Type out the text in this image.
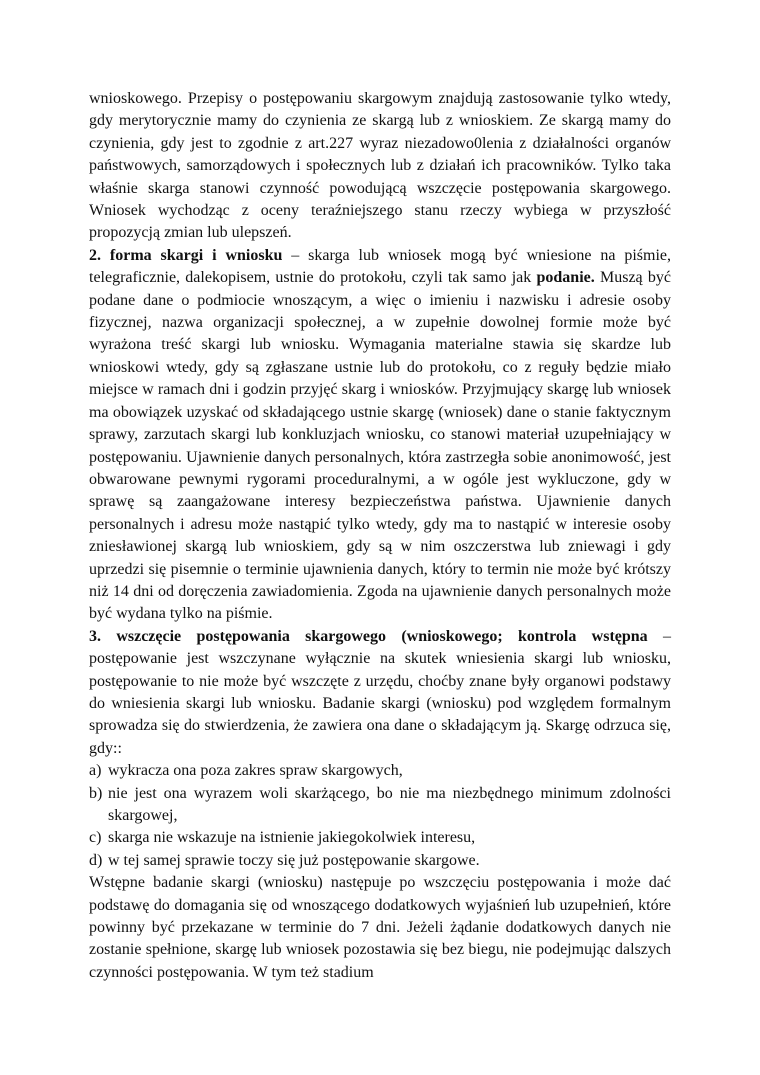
wnioskowego. Przepisy o postępowaniu skargowym znajdują zastosowanie tylko wtedy, gdy merytorycznie mamy do czynienia ze skargą lub z wnioskiem. Ze skargą mamy do czynienia, gdy jest to zgodnie z art.227 wyraz niezadowo0lenia z działalności organów państwowych, samorządowych i społecznych lub z działań ich pracowników. Tylko taka właśnie skarga stanowi czynność powodującą wszczęcie postępowania skargowego. Wniosek wychodząc z oceny teraźniejszego stanu rzeczy wybiega w przyszłość propozycją zmian lub ulepszeń.

2. forma skargi i wniosku – skarga lub wniosek mogą być wniesione na piśmie, telegraficznie, dalekopisem, ustnie do protokołu, czyli tak samo jak podanie. Muszą być podane dane o podmiocie wnoszącym, a więc o imieniu i nazwisku i adresie osoby fizycznej, nazwa organizacji społecznej, a w zupełnie dowolnej formie może być wyrażona treść skargi lub wniosku. Wymagania materialne stawia się skardze lub wnioskowi wtedy, gdy są zgłaszane ustnie lub do protokołu, co z reguły będzie miało miejsce w ramach dni i godzin przyjęć skarg i wniosków. Przyjmujący skargę lub wniosek ma obowiązek uzyskać od składającego ustnie skargę (wniosek) dane o stanie faktycznym sprawy, zarzutach skargi lub konkluzjach wniosku, co stanowi materiał uzupełniający w postępowaniu. Ujawnienie danych personalnych, która zastrzegła sobie anonimowość, jest obwarowane pewnymi rygorami proceduralnymi, a w ogóle jest wykluczone, gdy w sprawę są zaangażowane interesy bezpieczeństwa państwa. Ujawnienie danych personalnych i adresu może nastąpić tylko wtedy, gdy ma to nastąpić w interesie osoby zniesławionej skargą lub wnioskiem, gdy są w nim oszczerstwa lub zniewagi i gdy uprzedzi się pisemnie o terminie ujawnienia danych, który to termin nie może być krótszy niż 14 dni od doręczenia zawiadomienia. Zgoda na ujawnienie danych personalnych może być wydana tylko na piśmie.

3. wszczęcie postępowania skargowego (wnioskowego; kontrola wstępna – postępowanie jest wszczynane wyłącznie na skutek wniesienia skargi lub wniosku, postępowanie to nie może być wszczęte z urzędu, choćby znane były organowi podstawy do wniesienia skargi lub wniosku. Badanie skargi (wniosku) pod względem formalnym sprowadza się do stwierdzenia, że zawiera ona dane o składającym ją. Skargę odrzuca się, gdy::

a) wykracza ona poza zakres spraw skargowych,
b) nie jest ona wyrazem woli skarżącego, bo nie ma niezbędnego minimum zdolności skargowej,
c) skarga nie wskazuje na istnienie jakiegokolwiek interesu,
d) w tej samej sprawie toczy się już postępowanie skargowe.

Wstępne badanie skargi (wniosku) następuje po wszczęciu postępowania i może dać podstawę do domagania się od wnoszącego dodatkowych wyjaśnień lub uzupełnień, które powinny być przekazane w terminie do 7 dni. Jeżeli żądanie dodatkowych danych nie zostanie spełnione, skargę lub wniosek pozostawia się bez biegu, nie podejmując dalszych czynności postępowania. W tym też stadium
